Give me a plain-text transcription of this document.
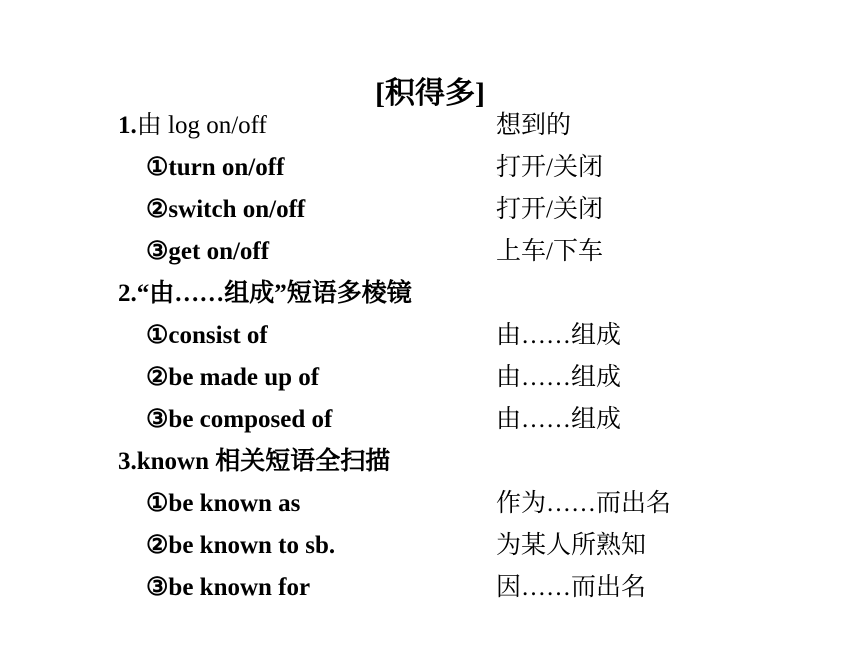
[积得多]
1.由 log on/off	想到的
①turn on/off	打开/关闭
②switch on/off	打开/关闭
③get on/off	上车/下车
2.“由……组成”短语多棱镜
①consist of	由……组成
②be made up of	由……组成
③be composed of	由……组成
3.known 相关短语全扫描
①be known as	作为……而出名
②be known to sb.	为某人所熟知
③be known for	因……而出名
